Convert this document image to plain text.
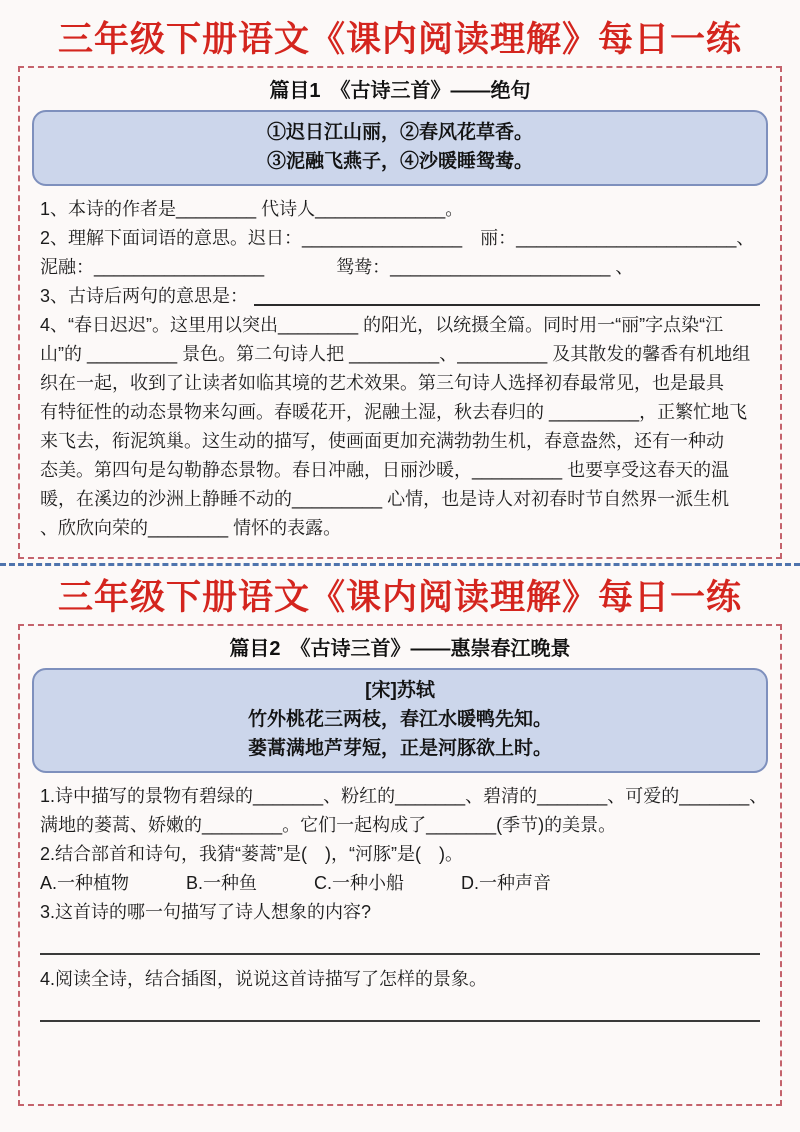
三年级下册语文《课内阅读理解》每日一练
篇目1　《古诗三首》——绝句

①迟日江山丽，②春风花草香。

③泥融飞燕子，④沙暖睡鸳鸯。

1、本诗的作者是________ 代诗人_____________。
2、理解下面词语的意思。迟日：________________　丽：______________________、
泥融：_________________　　　　鸳鸯：______________________ 、
3、古诗后两句的意思是：
4、“春日迟迟”。这里用以突出________ 的阳光，以统摄全篇。同时用一“丽”字点染“江
山”的 _________ 景色。第二句诗人把 _________、_________ 及其散发的馨香有机地组
织在一起，收到了让读者如临其境的艺术效果。第三句诗人选择初春最常见，也是最具
有特征性的动态景物来勾画。春暖花开，泥融土湿，秋去春归的 _________，正繁忙地飞
来飞去，衔泥筑巢。这生动的描写，使画面更加充满勃勃生机，春意盎然，还有一种动
态美。第四句是勾勒静态景物。春日冲融，日丽沙暖，_________ 也要享受这春天的温
暖，在溪边的沙洲上静睡不动的_________ 心情，也是诗人对初春时节自然界一派生机
、欣欣向荣的________ 情怀的表露。
三年级下册语文《课内阅读理解》每日一练
篇目2　《古诗三首》——惠崇春江晚景

[宋]苏轼

竹外桃花三两枝，春江水暖鸭先知。

蒌蒿满地芦芽短，正是河豚欲上时。

1.诗中描写的景物有碧绿的_______、粉红的_______、碧清的_______、可爱的_______、
满地的蒌蒿、娇嫩的________。它们一起构成了_______(季节)的美景。
2.结合部首和诗句，我猜“蒌蒿”是(　)，“河豚”是(　)。
A.一种植物	B.一种鱼	C.一种小船	D.一种声音
3.这首诗的哪一句描写了诗人想象的内容?
4.阅读全诗，结合插图，说说这首诗描写了怎样的景象。
